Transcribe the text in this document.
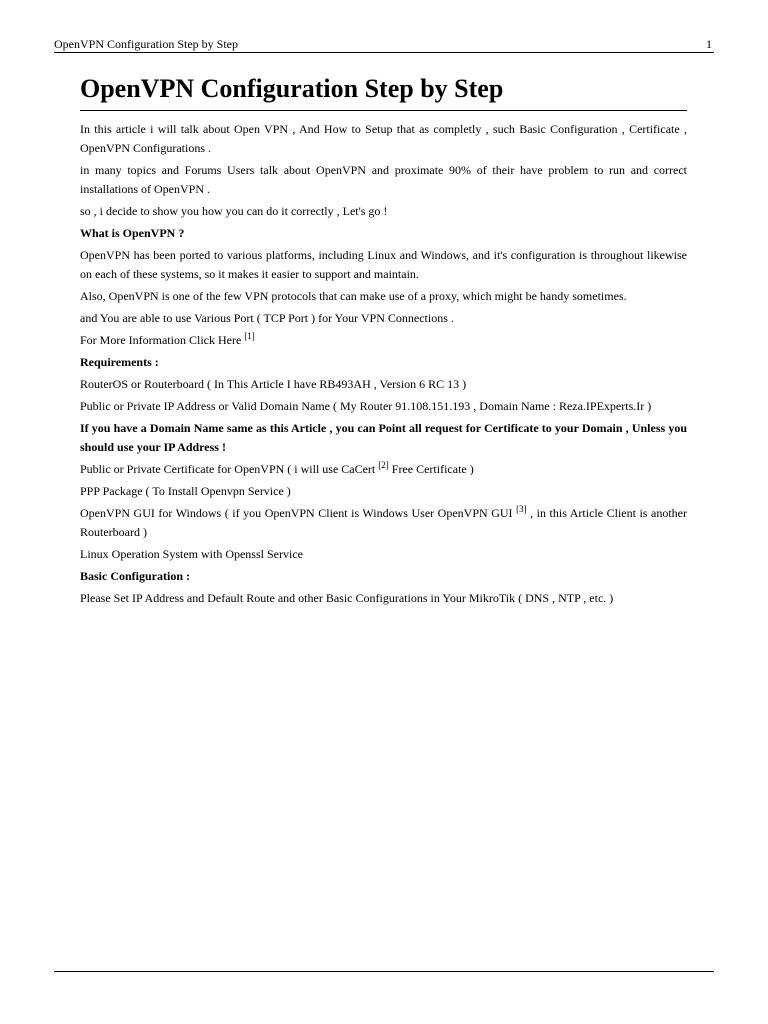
OpenVPN Configuration Step by Step	1
OpenVPN Configuration Step by Step

In this article i will talk about Open VPN , And How to Setup that as completly , such Basic Configuration , Certificate , OpenVPN Configurations .

in many topics and Forums Users talk about OpenVPN and proximate 90% of their have problem to run and correct installations of OpenVPN .

so , i decide to show you how you can do it correctly , Let's go !

What is OpenVPN ?

OpenVPN has been ported to various platforms, including Linux and Windows, and it's configuration is throughout likewise on each of these systems, so it makes it easier to support and maintain.

Also, OpenVPN is one of the few VPN protocols that can make use of a proxy, which might be handy sometimes.

and You are able to use Various Port ( TCP Port ) for Your VPN Connections .

For More Information Click Here [1]

Requirements :

RouterOS or Routerboard ( In This Article I have RB493AH , Version 6 RC 13 )

Public or Private IP Address or Valid Domain Name ( My Router 91.108.151.193 , Domain Name : Reza.IPExperts.Ir )

If you have a Domain Name same as this Article , you can Point all request for Certificate to your Domain , Unless you should use your IP Address !

Public or Private Certificate for OpenVPN ( i will use CaCert [2] Free Certificate )

PPP Package ( To Install Openvpn Service )

OpenVPN GUI for Windows ( if you OpenVPN Client is Windows User OpenVPN GUI [3] , in this Article Client is another Routerboard )

Linux Operation System with Openssl Service

Basic Configuration :

Please Set IP Address and Default Route and other Basic Configurations in Your MikroTik ( DNS , NTP , etc. )
